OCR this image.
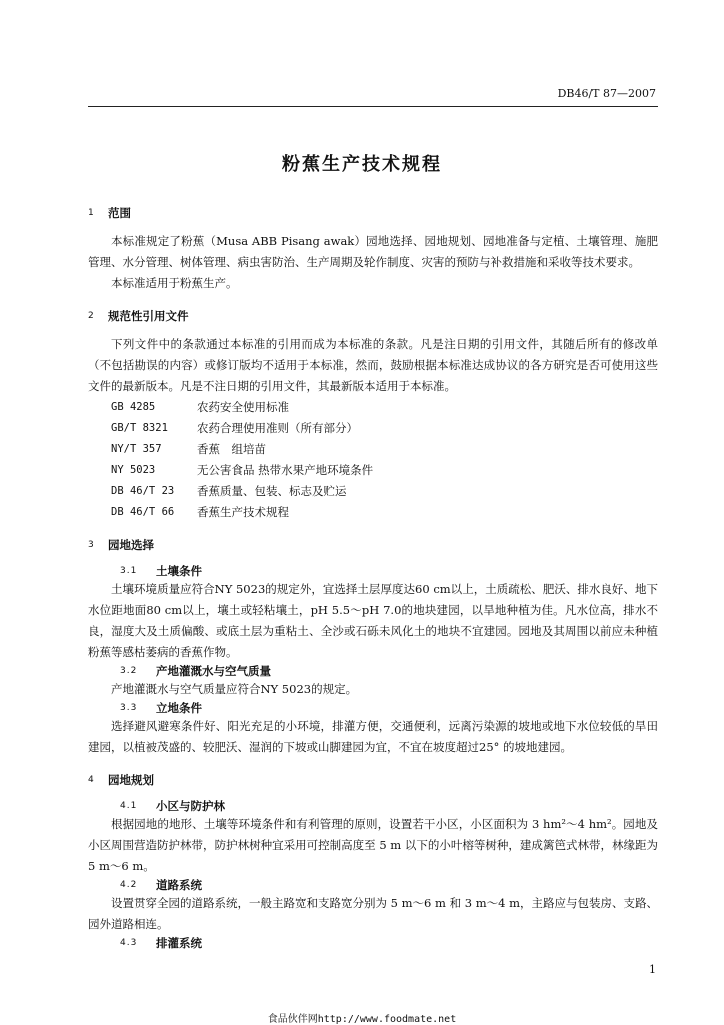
DB46/T 87—2007
粉蕉生产技术规程
1	范围

本标准规定了粉蕉（Musa ABB Pisang awak）园地选择、园地规划、园地准备与定植、土壤管理、施肥管理、水分管理、树体管理、病虫害防治、生产周期及轮作制度、灾害的预防与补救措施和采收等技术要求。

本标准适用于粉蕉生产。

2	规范性引用文件

下列文件中的条款通过本标准的引用而成为本标准的条款。凡是注日期的引用文件，其随后所有的修改单（不包括勘误的内容）或修订版均不适用于本标准，然而，鼓励根据本标准达成协议的各方研究是否可使用这些文件的最新版本。凡是不注日期的引用文件，其最新版本适用于本标准。

GB 4285	农药安全使用标准
GB/T 8321	农药合理使用准则（所有部分）
NY/T 357	香蕉　组培苗
NY 5023	无公害食品 热带水果产地环境条件
DB 46/T 23	香蕉质量、包装、标志及贮运
DB 46/T 66	香蕉生产技术规程
3	园地选择
3.1	土壤条件

土壤环境质量应符合NY 5023的规定外，宜选择土层厚度达60 cm以上，土质疏松、肥沃、排水良好、地下水位距地面80 cm以上，壤土或轻粘壤土，pH 5.5～pH 7.0的地块建园，以旱地种植为佳。凡水位高，排水不良，湿度大及土质偏酸、或底土层为重粘土、全沙或石砾未风化土的地块不宜建园。园地及其周围以前应未种植粉蕉等感枯萎病的香蕉作物。

3.2	产地灌溉水与空气质量

产地灌溉水与空气质量应符合NY 5023的规定。

3.3	立地条件

选择避风避寒条件好、阳光充足的小环境，排灌方便，交通便利，远离污染源的坡地或地下水位较低的旱田建园，以植被茂盛的、较肥沃、湿润的下坡或山脚建园为宜，不宜在坡度超过25° 的坡地建园。

4	园地规划
4.1	小区与防护林

根据园地的地形、土壤等环境条件和有利管理的原则，设置若干小区，小区面积为 3 hm²～4 hm²。园地及小区周围营造防护林带，防护林树种宜采用可控制高度至 5 m 以下的小叶榕等树种，建成篱笆式林带，林缘距为 5 m～6 m。

4.2	道路系统

设置贯穿全园的道路系统，一般主路宽和支路宽分别为 5 m～6 m 和 3 m～4 m，主路应与包装房、支路、园外道路相连。

4.3	排灌系统
1
食品伙伴网http://www.foodmate.net
